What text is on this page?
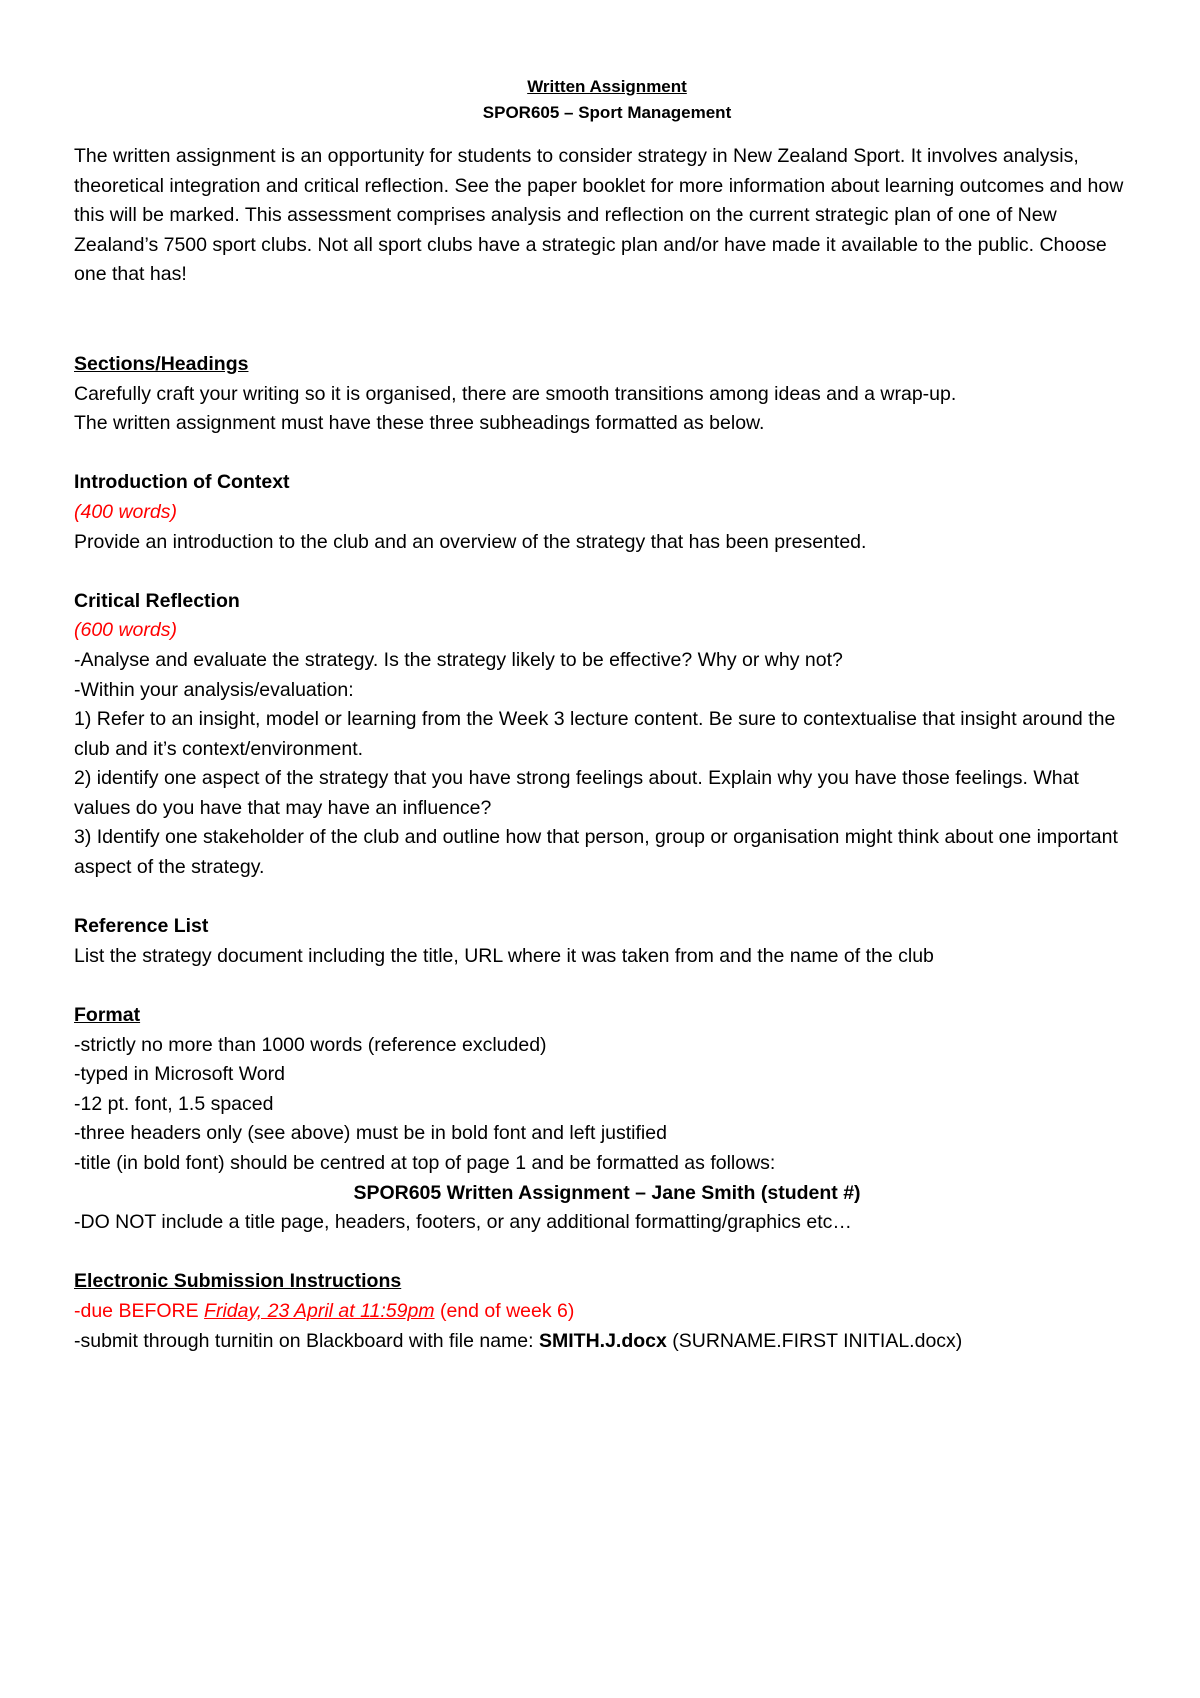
Written Assignment
SPOR605 – Sport Management

The written assignment is an opportunity for students to consider strategy in New Zealand Sport. It involves analysis, theoretical integration and critical reflection. See the paper booklet for more information about learning outcomes and how this will be marked. This assessment comprises analysis and reflection on the current strategic plan of one of New Zealand’s 7500 sport clubs. Not all sport clubs have a strategic plan and/or have made it available to the public. Choose one that has!

Sections/Headings
Carefully craft your writing so it is organised, there are smooth transitions among ideas and a wrap-up.
The written assignment must have these three subheadings formatted as below.
Introduction of Context
(400 words)
Provide an introduction to the club and an overview of the strategy that has been presented.
Critical Reflection
(600 words)
-Analyse and evaluate the strategy. Is the strategy likely to be effective? Why or why not?
-Within your analysis/evaluation:
1) Refer to an insight, model or learning from the Week 3 lecture content. Be sure to contextualise that insight around the club and it’s context/environment.
2) identify one aspect of the strategy that you have strong feelings about. Explain why you have those feelings. What values do you have that may have an influence?
3) Identify one stakeholder of the club and outline how that person, group or organisation might think about one important aspect of the strategy.
Reference List
List the strategy document including the title, URL where it was taken from and the name of the club
Format
-strictly no more than 1000 words (reference excluded)
-typed in Microsoft Word
-12 pt. font, 1.5 spaced
-three headers only (see above) must be in bold font and left justified
-title (in bold font) should be centred at top of page 1 and be formatted as follows:
SPOR605 Written Assignment – Jane Smith (student #)
-DO NOT include a title page, headers, footers, or any additional formatting/graphics etc…
Electronic Submission Instructions
-due BEFORE Friday, 23 April at 11:59pm (end of week 6)
-submit through turnitin on Blackboard with file name: SMITH.J.docx (SURNAME.FIRST INITIAL.docx)
